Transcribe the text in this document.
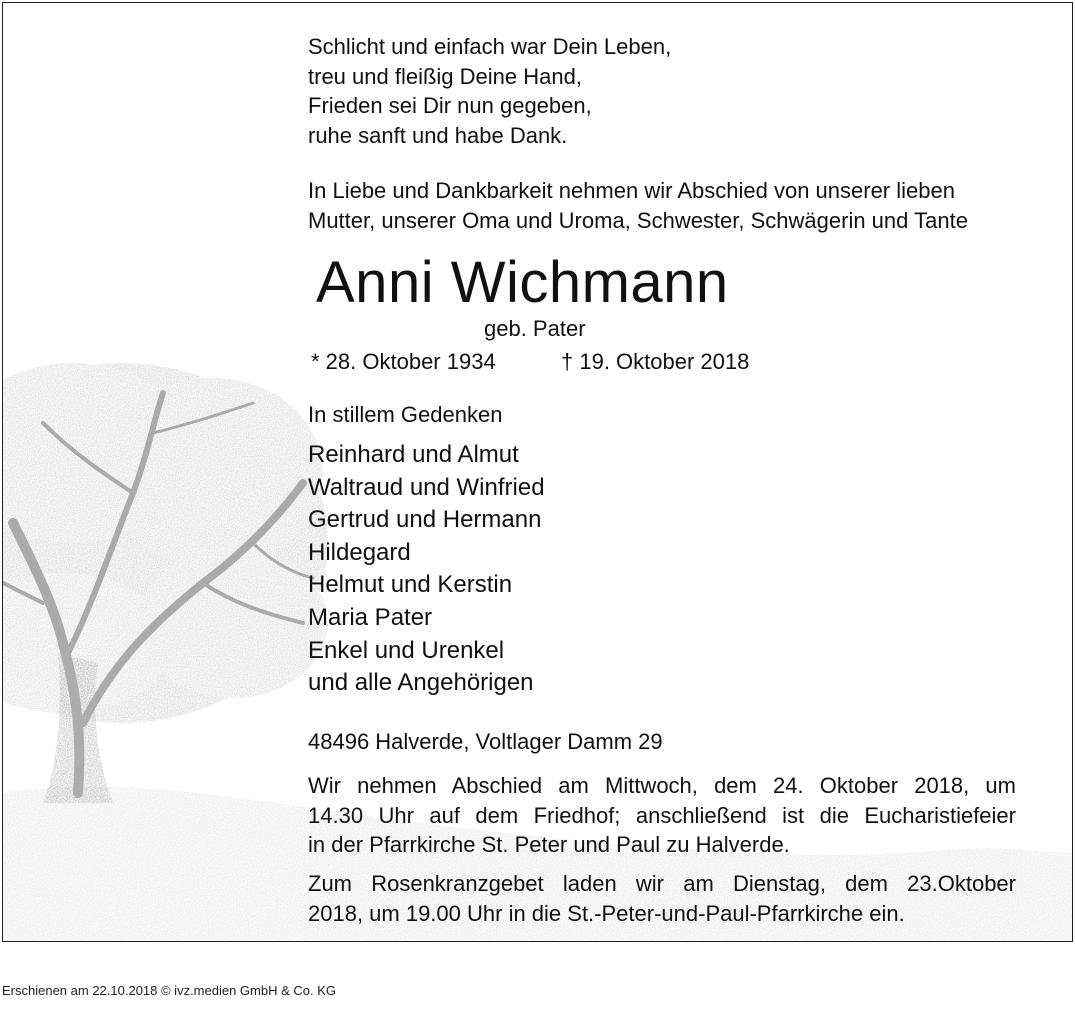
Schlicht und einfach war Dein Leben,
treu und fleißig Deine Hand,
Frieden sei Dir nun gegeben,
ruhe sanft und habe Dank.
In Liebe und Dankbarkeit nehmen wir Abschied von unserer lieben
Mutter, unserer Oma und Uroma, Schwester, Schwägerin und Tante
Anni Wichmann
geb. Pater
* 28. Oktober 1934	† 19. Oktober 2018
In stillem Gedenken
Reinhard und Almut
Waltraud und Winfried
Gertrud und Hermann
Hildegard
Helmut und Kerstin
Maria Pater
Enkel und Urenkel
und alle Angehörigen
48496 Halverde, Voltlager Damm 29
Wir nehmen Abschied am Mittwoch, dem 24. Oktober 2018, um
14.30 Uhr auf dem Friedhof; anschließend ist die Eucharistiefeier
in der Pfarrkirche St. Peter und Paul zu Halverde.
Zum Rosenkranzgebet laden wir am Dienstag, dem 23.Oktober
2018, um 19.00 Uhr in die St.-Peter-und-Paul-Pfarrkirche ein.
Erschienen am 22.10.2018 © ivz.medien GmbH & Co. KG
